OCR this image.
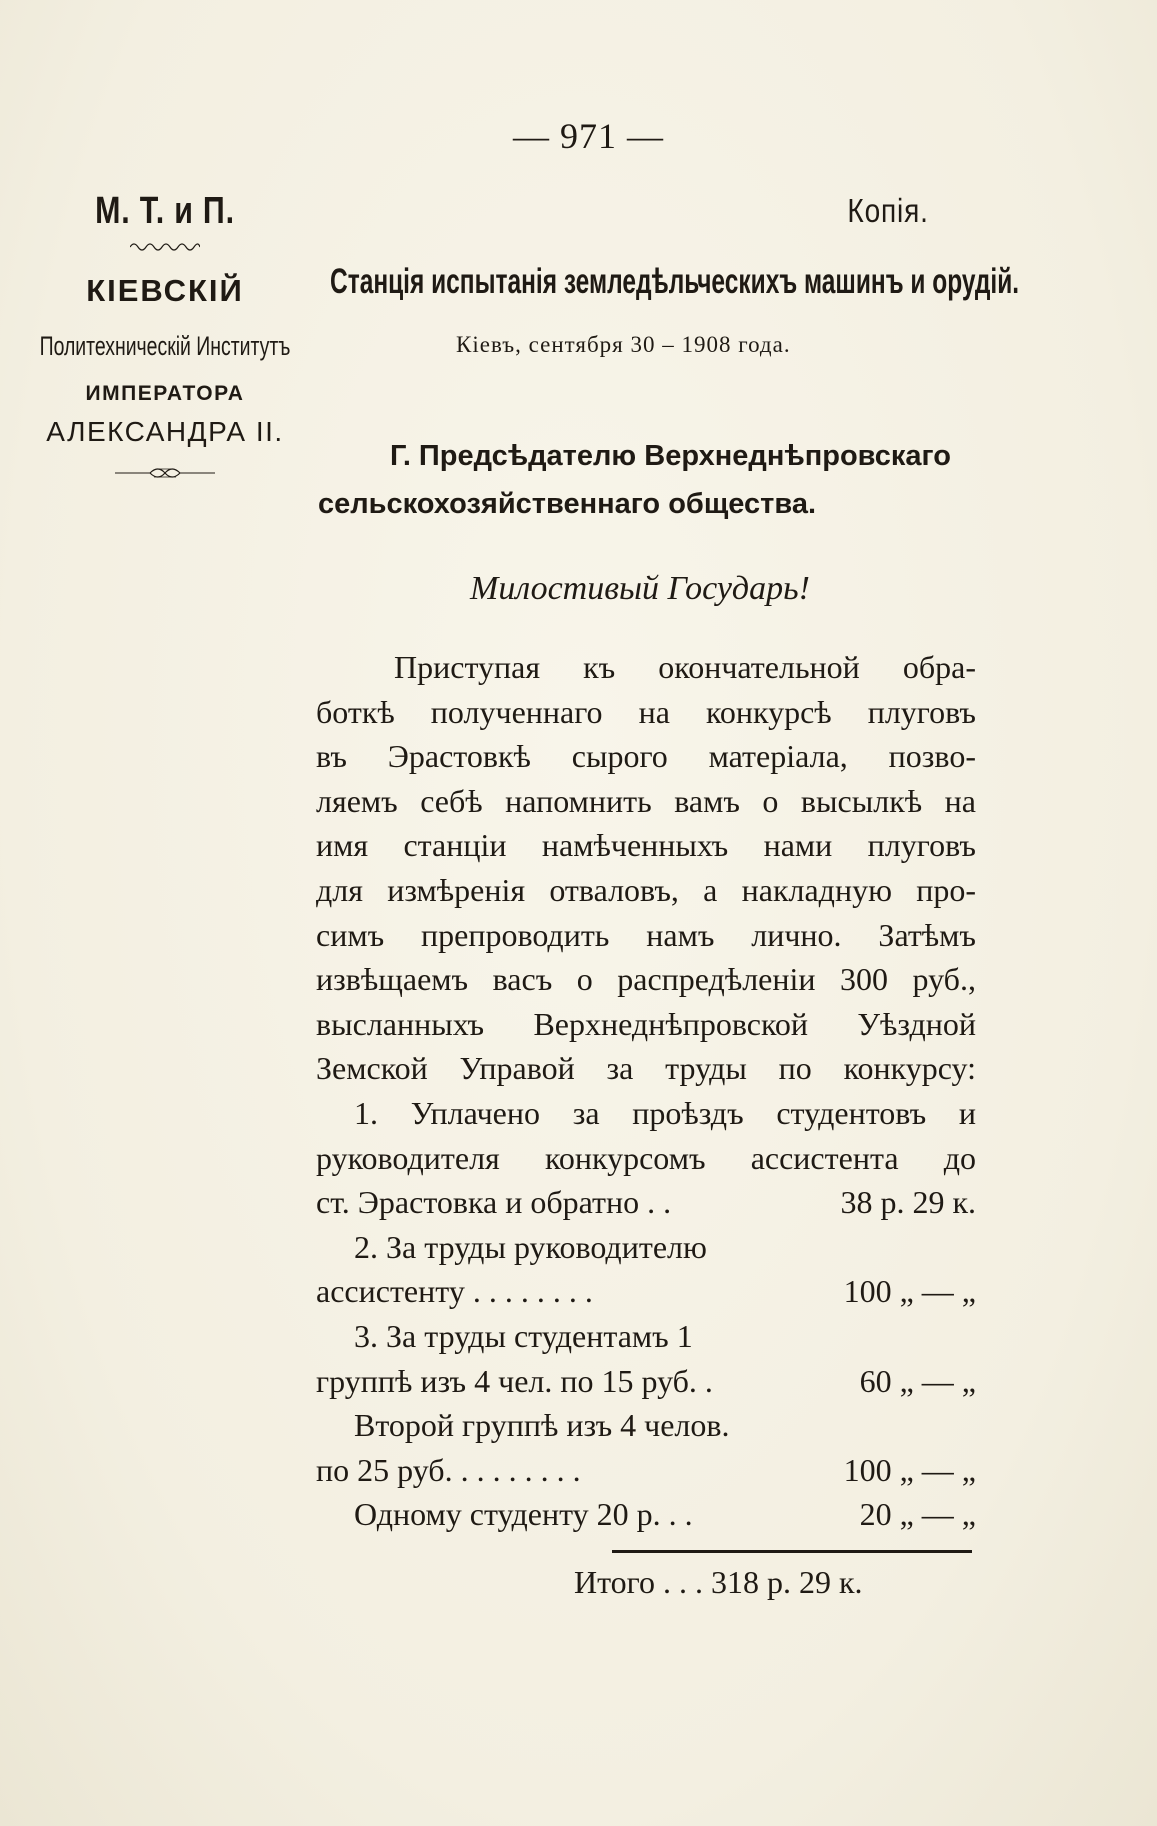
— 971 —
М. Т. и П.
КІЕВСКІЙ
Политехническій Институтъ
ИМПЕРАТОРА
АЛЕКСАНДРА II.
Копія.
Станція испытанія земледѣльческихъ машинъ и орудій.
Кіевъ, сентября 30 – 1908 года.
Г. Предсѣдателю Верхнеднѣпровскаго
сельскохозяйственнаго общества.
Милостивый Государь!
Приступая къ окончательной обра-
боткѣ полученнаго на конкурсѣ плуговъ
въ Эрастовкѣ сырого матеріала, позво-
ляемъ себѣ напомнить вамъ о высылкѣ на
имя станціи намѣченныхъ нами плуговъ
для измѣренія отваловъ, а накладную про-
симъ препроводить намъ лично. Затѣмъ
извѣщаемъ васъ о распредѣленіи 300 руб.,
высланныхъ Верхнеднѣпровской Уѣздной
Земской Управой за труды по конкурсу:
1. Уплачено за проѣздъ студентовъ и
руководителя конкурсомъ ассистента до
ст. Эрастовка и обратно . .	38 р. 29 к.
2. За труды руководителю
ассистенту . . . . . . . .	100 „ — „
3. За труды студентамъ 1
группѣ изъ 4 чел. по 15 руб. .	60 „ — „
Второй группѣ изъ 4 челов.
по 25 руб. . . . . . . . .	100 „ — „
Одному студенту 20 р. . .	20 „ — „
Итого . . . 318 р. 29 к.
